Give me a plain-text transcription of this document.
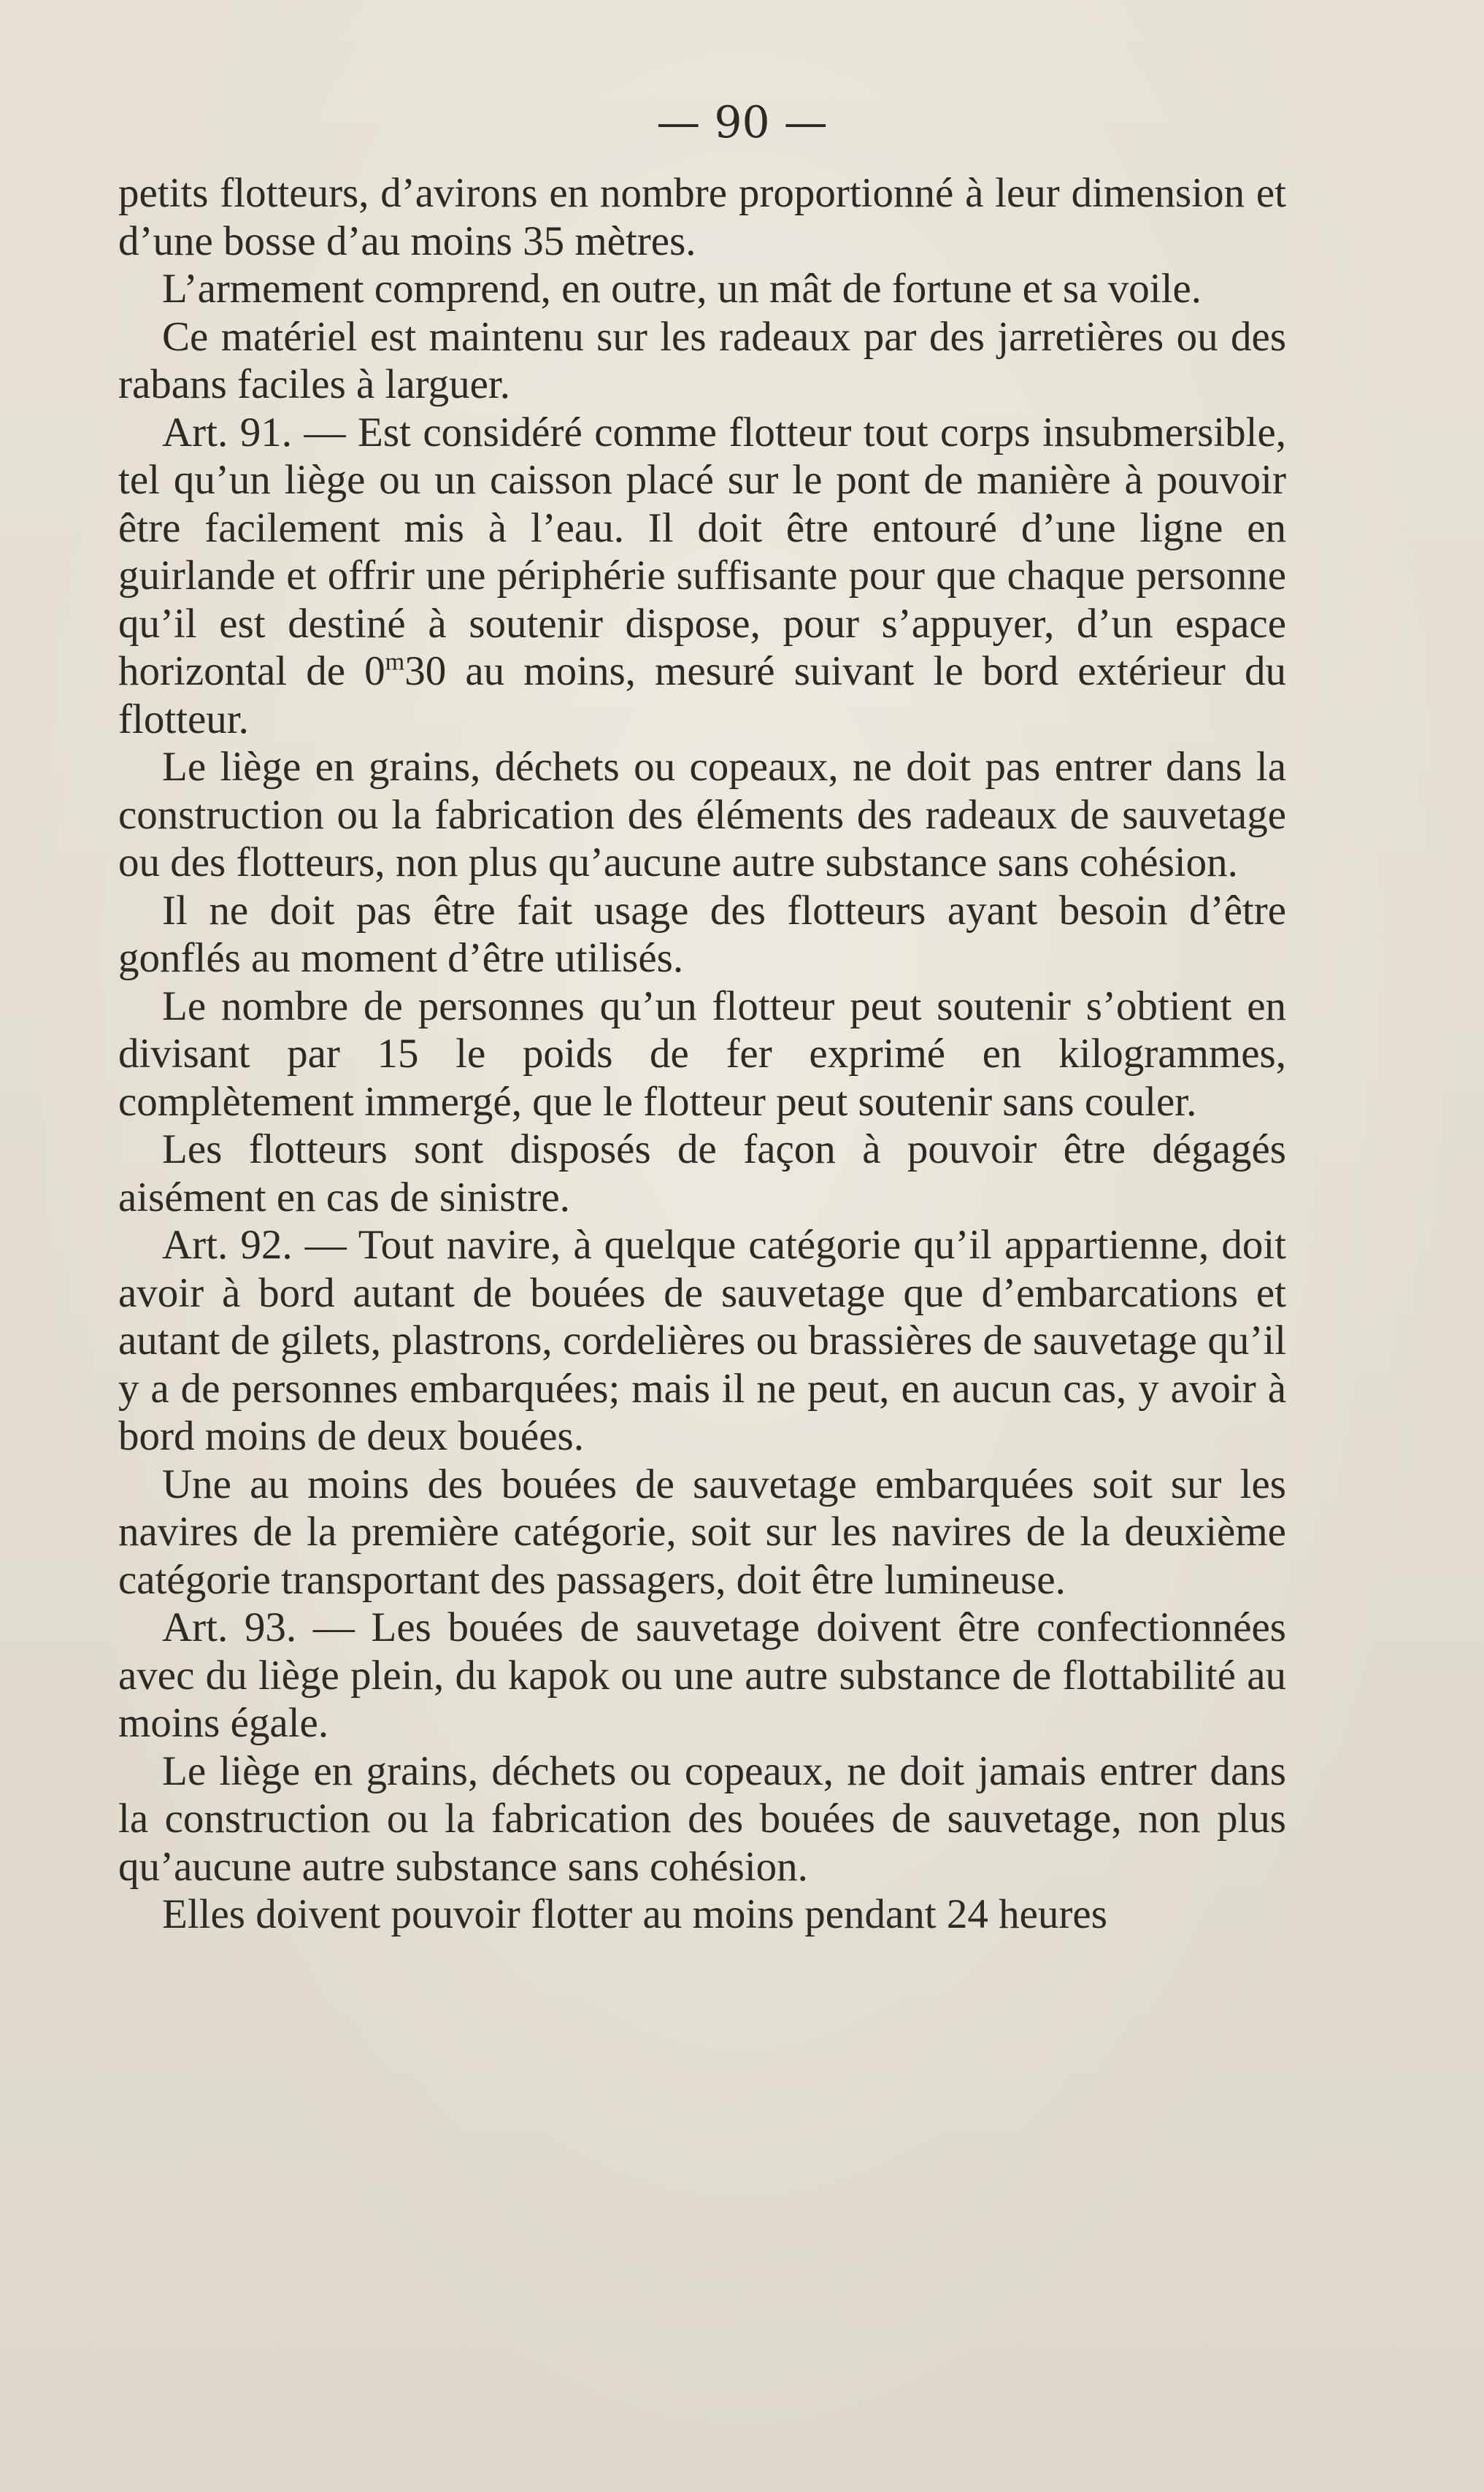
— 90 —

petits flotteurs, d’avirons en nombre proportionné à leur dimension et d’une bosse d’au moins 35 mètres.

L’armement comprend, en outre, un mât de fortune et sa voile.

Ce matériel est maintenu sur les radeaux par des jarretières ou des rabans faciles à larguer.

Art. 91. — Est considéré comme flotteur tout corps insubmersible, tel qu’un liège ou un caisson placé sur le pont de manière à pouvoir être facilement mis à l’eau. Il doit être entouré d’une ligne en guirlande et offrir une périphérie suffisante pour que chaque personne qu’il est destiné à soutenir dispose, pour s’appuyer, d’un espace horizontal de 0$^m$30 au moins, mesuré suivant le bord extérieur du flotteur.

Le liège en grains, déchets ou copeaux, ne doit pas entrer dans la construction ou la fabrication des éléments des radeaux de sauvetage ou des flotteurs, non plus qu’aucune autre substance sans cohésion.

Il ne doit pas être fait usage des flotteurs ayant besoin d’être gonflés au moment d’être utilisés.

Le nombre de personnes qu’un flotteur peut soutenir s’obtient en divisant par 15 le poids de fer exprimé en kilogrammes, complètement immergé, que le flotteur peut soutenir sans couler.

Les flotteurs sont disposés de façon à pouvoir être dégagés aisément en cas de sinistre.

Art. 92. — Tout navire, à quelque catégorie qu’il appartienne, doit avoir à bord autant de bouées de sauvetage que d’embarcations et autant de gilets, plastrons, cordelières ou brassières de sauvetage qu’il y a de personnes embarquées; mais il ne peut, en aucun cas, y avoir à bord moins de deux bouées.

Une au moins des bouées de sauvetage embarquées soit sur les navires de la première catégorie, soit sur les navires de la deuxième catégorie transportant des passagers, doit être lumineuse.

Art. 93. — Les bouées de sauvetage doivent être confectionnées avec du liège plein, du kapok ou une autre substance de flottabilité au moins égale.

Le liège en grains, déchets ou copeaux, ne doit jamais entrer dans la construction ou la fabrication des bouées de sauvetage, non plus qu’aucune autre substance sans cohésion.

Elles doivent pouvoir flotter au moins pendant 24 heures
